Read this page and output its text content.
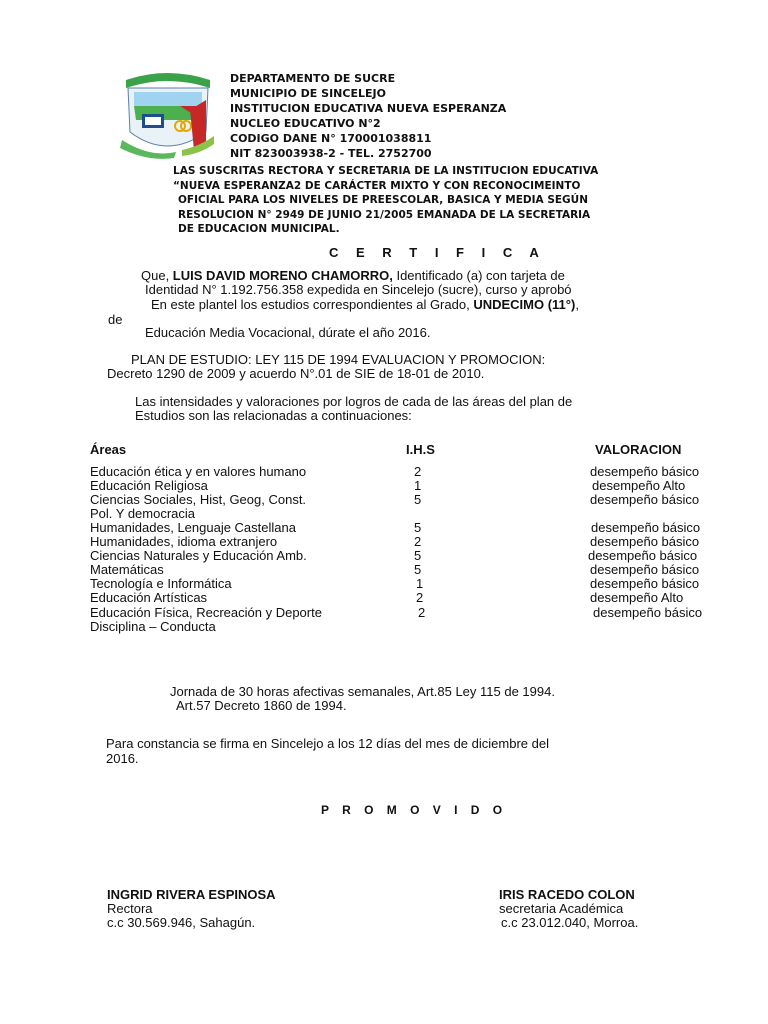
DEPARTAMENTO DE SUCRE
MUNICIPIO DE SINCELEJO
INSTITUCION EDUCATIVA NUEVA ESPERANZA
NUCLEO EDUCATIVO N°2
CODIGO DANE N° 170001038811
NIT 823003938-2 - TEL. 2752700
LAS SUSCRITAS RECTORA Y SECRETARIA DE LA INSTITUCION EDUCATIVA
“NUEVA ESPERANZA2 DE CARÁCTER MIXTO Y CON RECONOCIMEINTO
OFICIAL PARA LOS NIVELES DE PREESCOLAR, BASICA Y MEDIA SEGÚN
RESOLUCION N° 2949 DE JUNIO 21/2005 EMANADA DE LA SECRETARIA
DE EDUCACION MUNICIPAL.
C E R T I F I C A
Que, LUIS DAVID MORENO CHAMORRO, Identificado (a) con tarjeta de
Identidad N° 1.192.756.358 expedida en Sincelejo (sucre), curso y aprobó
En este plantel los estudios correspondientes al Grado, UNDECIMO (11°),
de
Educación Media Vocacional, dúrate el año 2016.
PLAN DE ESTUDIO: LEY 115 DE 1994 EVALUACION Y PROMOCION:
Decreto 1290 de 2009 y acuerdo N°.01 de SIE de 18-01 de 2010.
Las intensidades y valoraciones por logros de cada de las áreas del plan de
Estudios son las relacionadas a continuaciones:
Áreas	I.H.S	VALORACION
Educación ética y en valores humano	2	desempeño básico
Educación Religiosa	1	desempeño Alto
Ciencias Sociales, Hist, Geog, Const.	5	desempeño básico
Pol. Y democracia
Humanidades, Lenguaje Castellana	5	desempeño básico
Humanidades, idioma extranjero	2	desempeño básico
Ciencias Naturales y Educación Amb.	5	desempeño básico
Matemáticas	5	desempeño básico
Tecnología e Informática	1	desempeño básico
Educación Artísticas	2	desempeño Alto
Educación Física, Recreación y Deporte	2	desempeño básico
Disciplina – Conducta
Jornada de 30 horas afectivas semanales, Art.85 Ley 115 de 1994.
Art.57 Decreto 1860 de 1994.
Para constancia se firma en Sincelejo a los 12 días del mes de diciembre del
2016.
P R O M O V I D O
INGRID RIVERA ESPINOSA
Rectora
c.c 30.569.946, Sahagún.
IRIS RACEDO COLON
secretaria Académica
c.c 23.012.040, Morroa.
